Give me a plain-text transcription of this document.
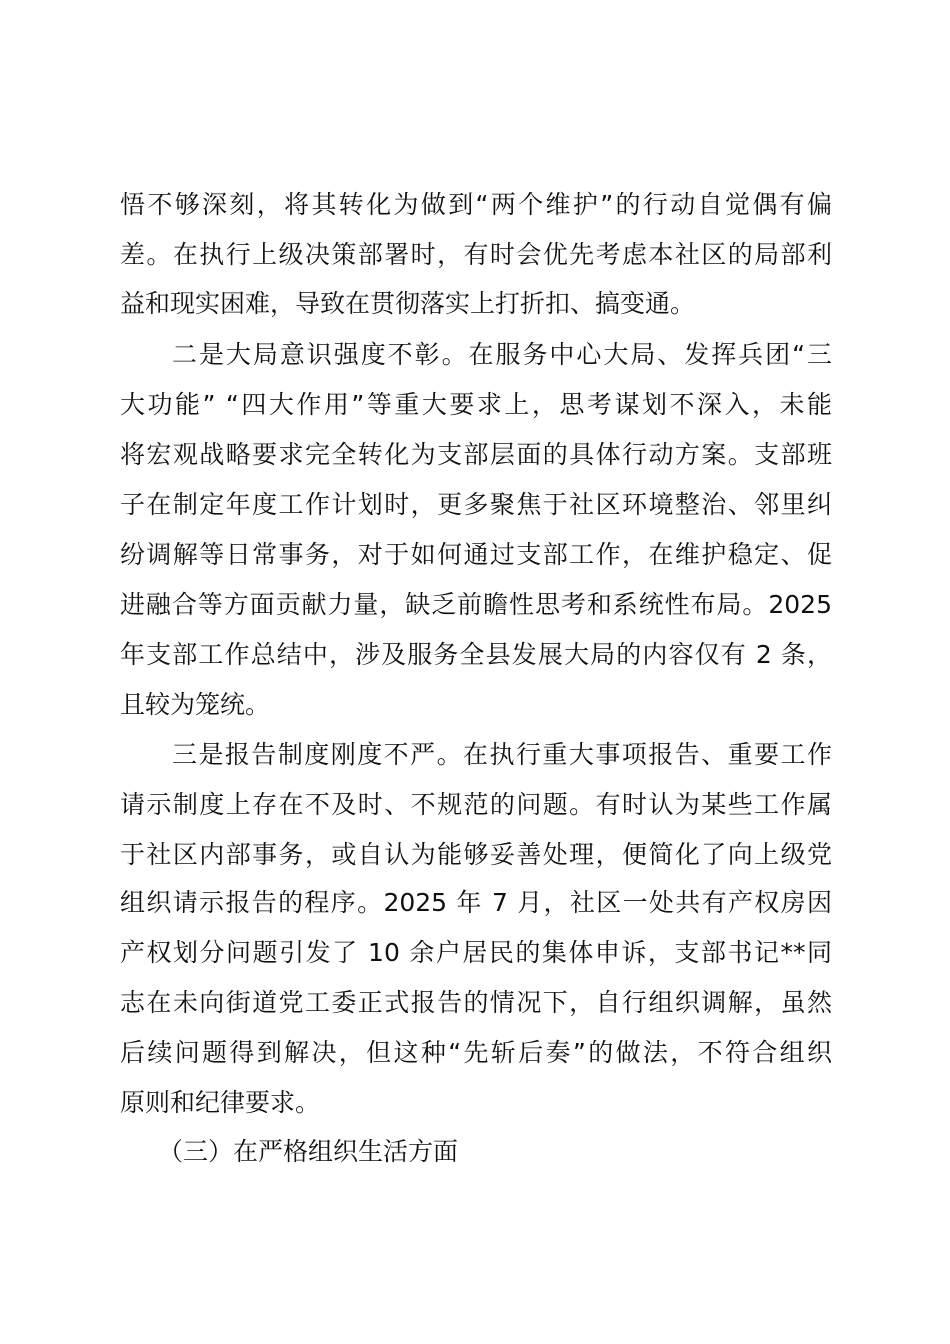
悟不够深刻，将其转化为做到“两个维护”的行动自觉偶有偏
差。在执行上级决策部署时，有时会优先考虑本社区的局部利
益和现实困难，导致在贯彻落实上打折扣、搞变通。
二是大局意识强度不彰。在服务中心大局、发挥兵团“三
大功能” “四大作用”等重大要求上，思考谋划不深入，未能
将宏观战略要求完全转化为支部层面的具体行动方案。支部班
子在制定年度工作计划时，更多聚焦于社区环境整治、邻里纠
纷调解等日常事务，对于如何通过支部工作，在维护稳定、促
进融合等方面贡献力量，缺乏前瞻性思考和系统性布局。2025
年支部工作总结中，涉及服务全县发展大局的内容仅有 2 条，
且较为笼统。
三是报告制度刚度不严。在执行重大事项报告、重要工作
请示制度上存在不及时、不规范的问题。有时认为某些工作属
于社区内部事务，或自认为能够妥善处理，便简化了向上级党
组织请示报告的程序。2025 年 7 月，社区一处共有产权房因
产权划分问题引发了 10 余户居民的集体申诉，支部书记**同
志在未向街道党工委正式报告的情况下，自行组织调解，虽然
后续问题得到解决，但这种“先斩后奏”的做法，不符合组织
原则和纪律要求。
（三）在严格组织生活方面
